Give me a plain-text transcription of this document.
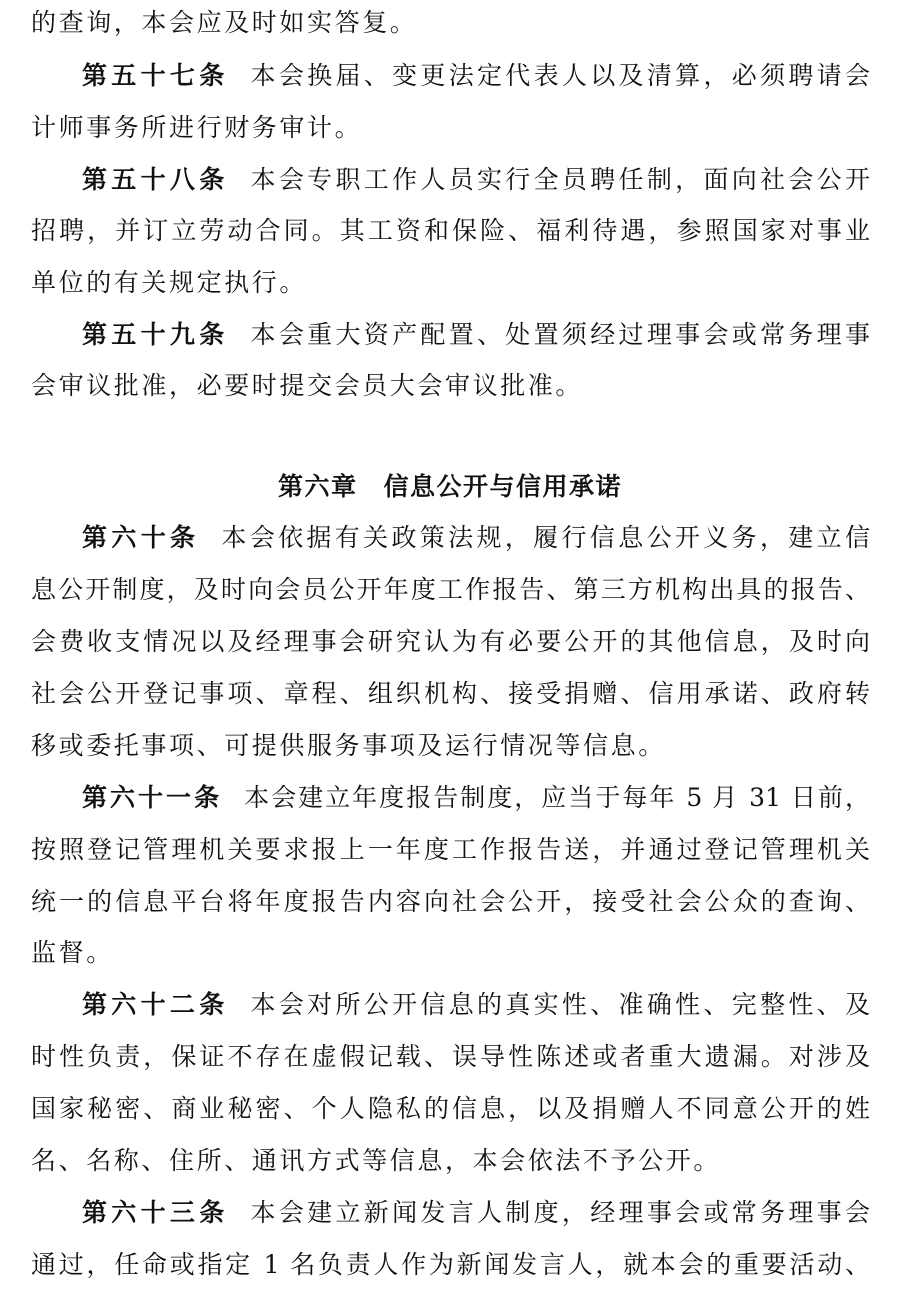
的查询，本会应及时如实答复。
第五十七条 本会换届、变更法定代表人以及清算，必须聘请会
计师事务所进行财务审计。
第五十八条 本会专职工作人员实行全员聘任制，面向社会公开
招聘，并订立劳动合同。其工资和保险、福利待遇，参照国家对事业
单位的有关规定执行。
第五十九条 本会重大资产配置、处置须经过理事会或常务理事
会审议批准，必要时提交会员大会审议批准。
第六章 信息公开与信用承诺
第六十条 本会依据有关政策法规，履行信息公开义务，建立信
息公开制度，及时向会员公开年度工作报告、第三方机构出具的报告、
会费收支情况以及经理事会研究认为有必要公开的其他信息，及时向
社会公开登记事项、章程、组织机构、接受捐赠、信用承诺、政府转
移或委托事项、可提供服务事项及运行情况等信息。
第六十一条 本会建立年度报告制度，应当于每年 5 月 31 日前，
按照登记管理机关要求报上一年度工作报告送，并通过登记管理机关
统一的信息平台将年度报告内容向社会公开，接受社会公众的查询、
监督。
第六十二条 本会对所公开信息的真实性、准确性、完整性、及
时性负责，保证不存在虚假记载、误导性陈述或者重大遗漏。对涉及
国家秘密、商业秘密、个人隐私的信息，以及捐赠人不同意公开的姓
名、名称、住所、通讯方式等信息，本会依法不予公开。
第六十三条 本会建立新闻发言人制度，经理事会或常务理事会
通过，任命或指定 1 名负责人作为新闻发言人，就本会的重要活动、
